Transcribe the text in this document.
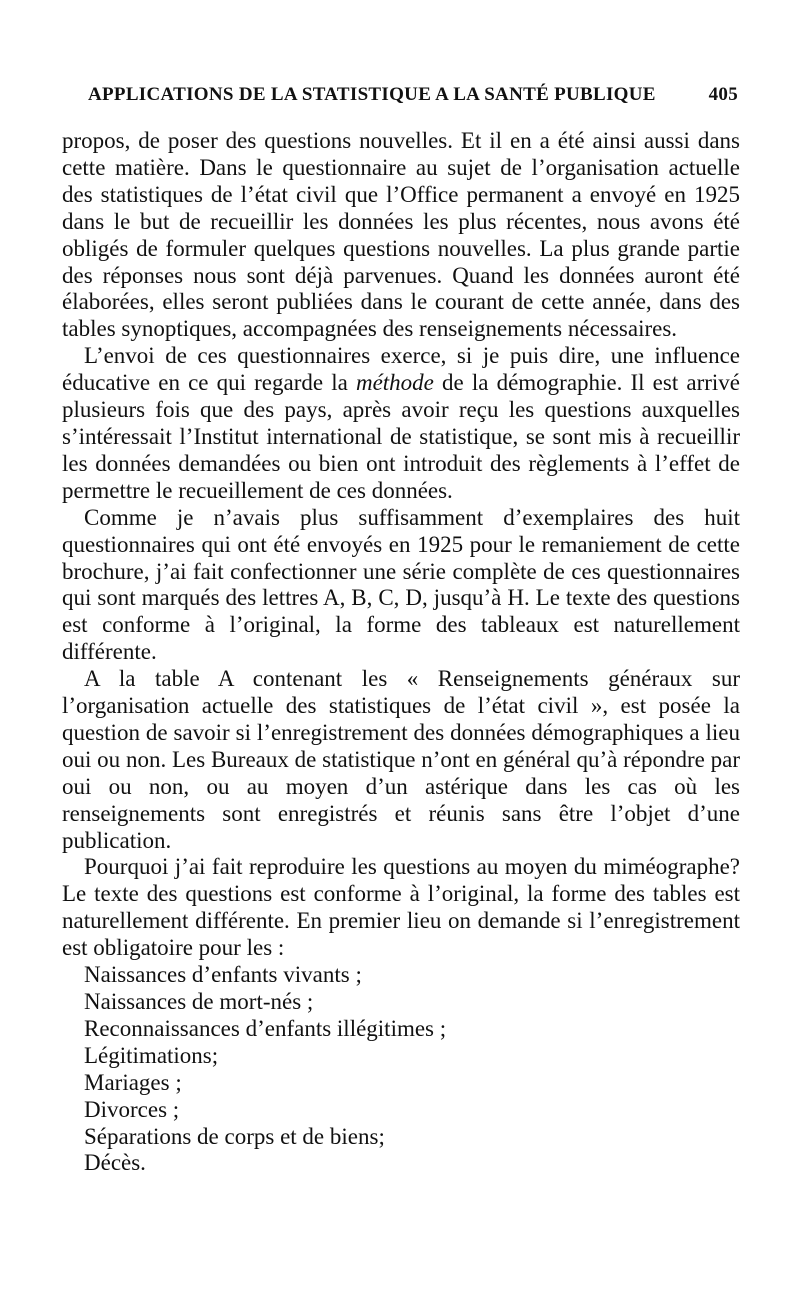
APPLICATIONS DE LA STATISTIQUE A LA SANTÉ PUBLIQUE	405

propos, de poser des questions nouvelles. Et il en a été ainsi aussi dans cette matière. Dans le questionnaire au sujet de l’organisation actuelle des statistiques de l’état civil que l’Office permanent a envoyé en 1925 dans le but de recueillir les données les plus récentes, nous avons été obligés de formuler quelques questions nouvelles. La plus grande partie des réponses nous sont déjà parvenues. Quand les données auront été élaborées, elles seront publiées dans le courant de cette année, dans des tables synoptiques, accompagnées des renseignements nécessaires.

L’envoi de ces questionnaires exerce, si je puis dire, une influence éducative en ce qui regarde la méthode de la démographie. Il est arrivé plusieurs fois que des pays, après avoir reçu les questions auxquelles s’intéressait l’Institut international de statistique, se sont mis à recueillir les données demandées ou bien ont introduit des règlements à l’effet de permettre le recueillement de ces données.

Comme je n’avais plus suffisamment d’exemplaires des huit questionnaires qui ont été envoyés en 1925 pour le remaniement de cette brochure, j’ai fait confectionner une série complète de ces questionnaires qui sont marqués des lettres A, B, C, D, jusqu’à H. Le texte des questions est conforme à l’original, la forme des tableaux est naturellement différente.

A la table A contenant les « Renseignements généraux sur l’organisation actuelle des statistiques de l’état civil », est posée la question de savoir si l’enregistrement des données démographiques a lieu oui ou non. Les Bureaux de statistique n’ont en général qu’à répondre par oui ou non, ou au moyen d’un astérique dans les cas où les renseignements sont enregistrés et réunis sans être l’objet d’une publication.

Pourquoi j’ai fait reproduire les questions au moyen du miméographe? Le texte des questions est conforme à l’original, la forme des tables est naturellement différente. En premier lieu on demande si l’enregistrement est obligatoire pour les :

Naissances d’enfants vivants ;
Naissances de mort-nés ;
Reconnaissances d’enfants illégitimes ;
Légitimations;
Mariages ;
Divorces ;
Séparations de corps et de biens;
Décès.
